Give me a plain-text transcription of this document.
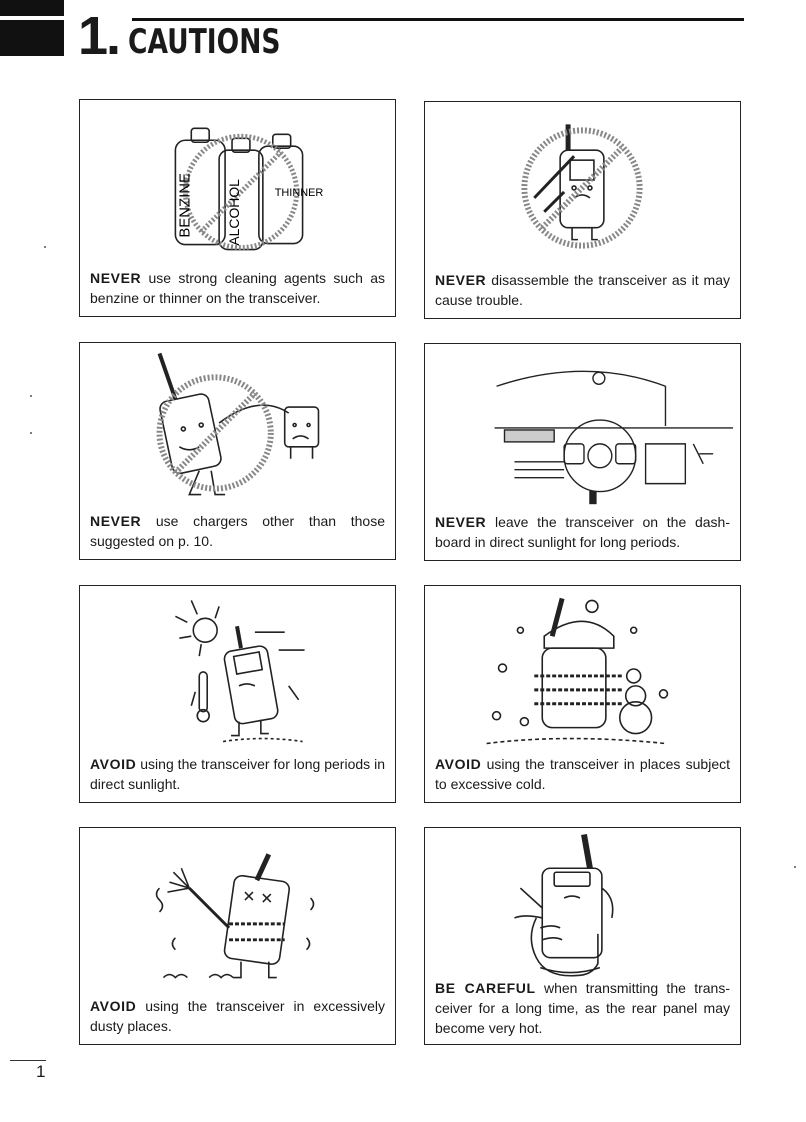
1. CAUTIONS
BENZINE ALCOHOL	THINNER
NEVER use strong cleaning agents such as benzine or thinner on the transceiver.
NEVER disassemble the transceiver as it may cause trouble.
NEVER use chargers other than those suggested on p. 10.
NEVER leave the transceiver on the dash-board in direct sunlight for long periods.
AVOID using the transceiver for long periods in direct sunlight.
AVOID using the transceiver in places subject to excessive cold.
AVOID using the transceiver in excessively dusty places.
BE CAREFUL when transmitting the trans-ceiver for a long time, as the rear panel may become very hot.
1
